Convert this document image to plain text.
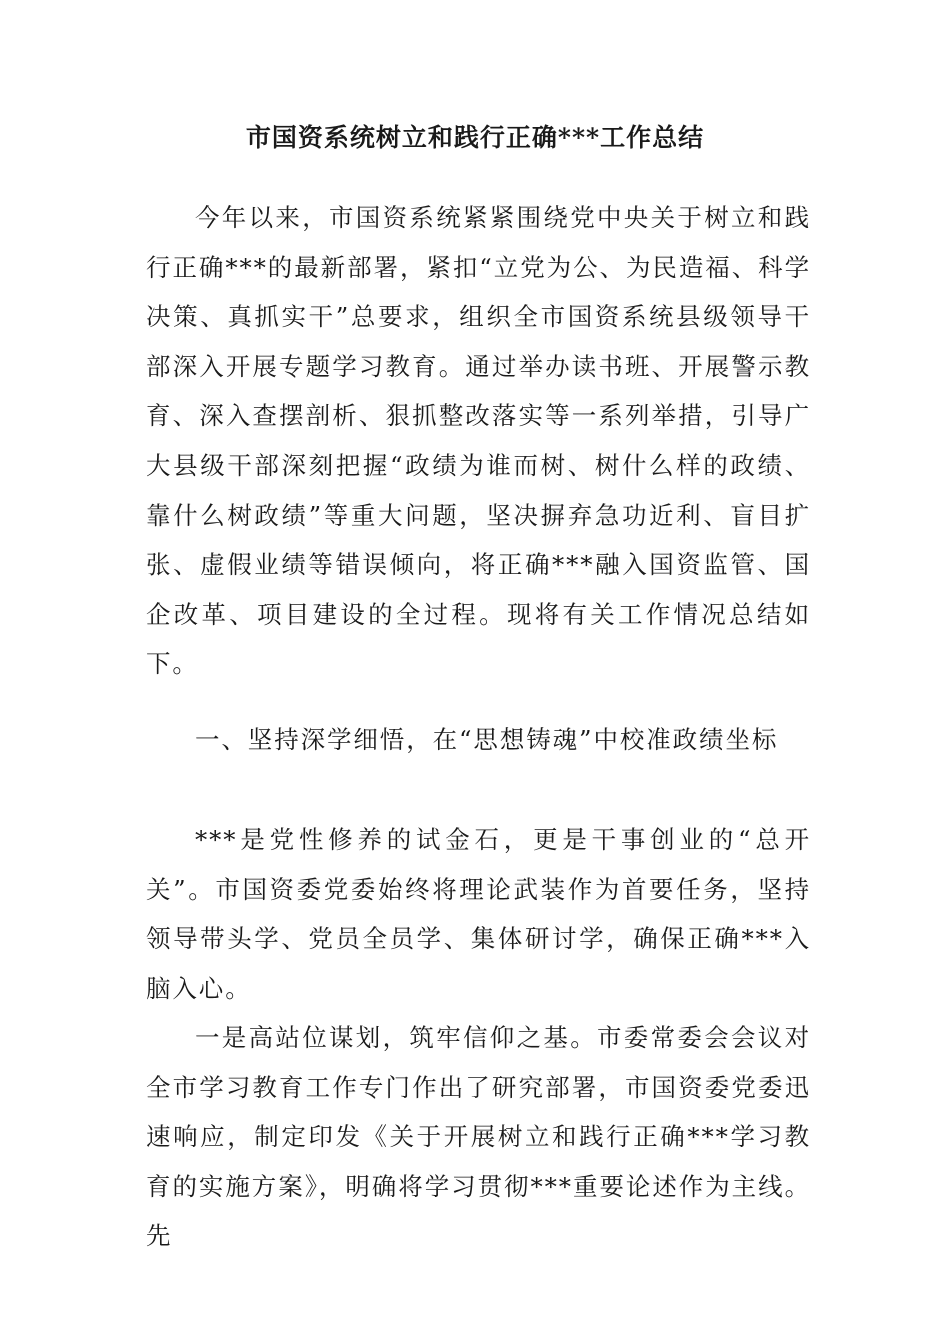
市国资系统树立和践行正确***工作总结

今年以来，市国资系统紧紧围绕党中央关于树立和践行正确***的最新部署，紧扣“立党为公、为民造福、科学决策、真抓实干”总要求，组织全市国资系统县级领导干部深入开展专题学习教育。通过举办读书班、开展警示教育、深入查摆剖析、狠抓整改落实等一系列举措，引导广大县级干部深刻把握“政绩为谁而树、树什么样的政绩、靠什么树政绩”等重大问题，坚决摒弃急功近利、盲目扩张、虚假业绩等错误倾向，将正确***融入国资监管、国企改革、项目建设的全过程。现将有关工作情况总结如下。

一、坚持深学细悟，在“思想铸魂”中校准政绩坐标

***是党性修养的试金石，更是干事创业的“总开关”。市国资委党委始终将理论武装作为首要任务，坚持领导带头学、党员全员学、集体研讨学，确保正确***入脑入心。

一是高站位谋划，筑牢信仰之基。市委常委会会议对全市学习教育工作专门作出了研究部署，市国资委党委迅速响应，制定印发《关于开展树立和践行正确***学习教育的实施方案》，明确将学习贯彻***重要论述作为主线。先
